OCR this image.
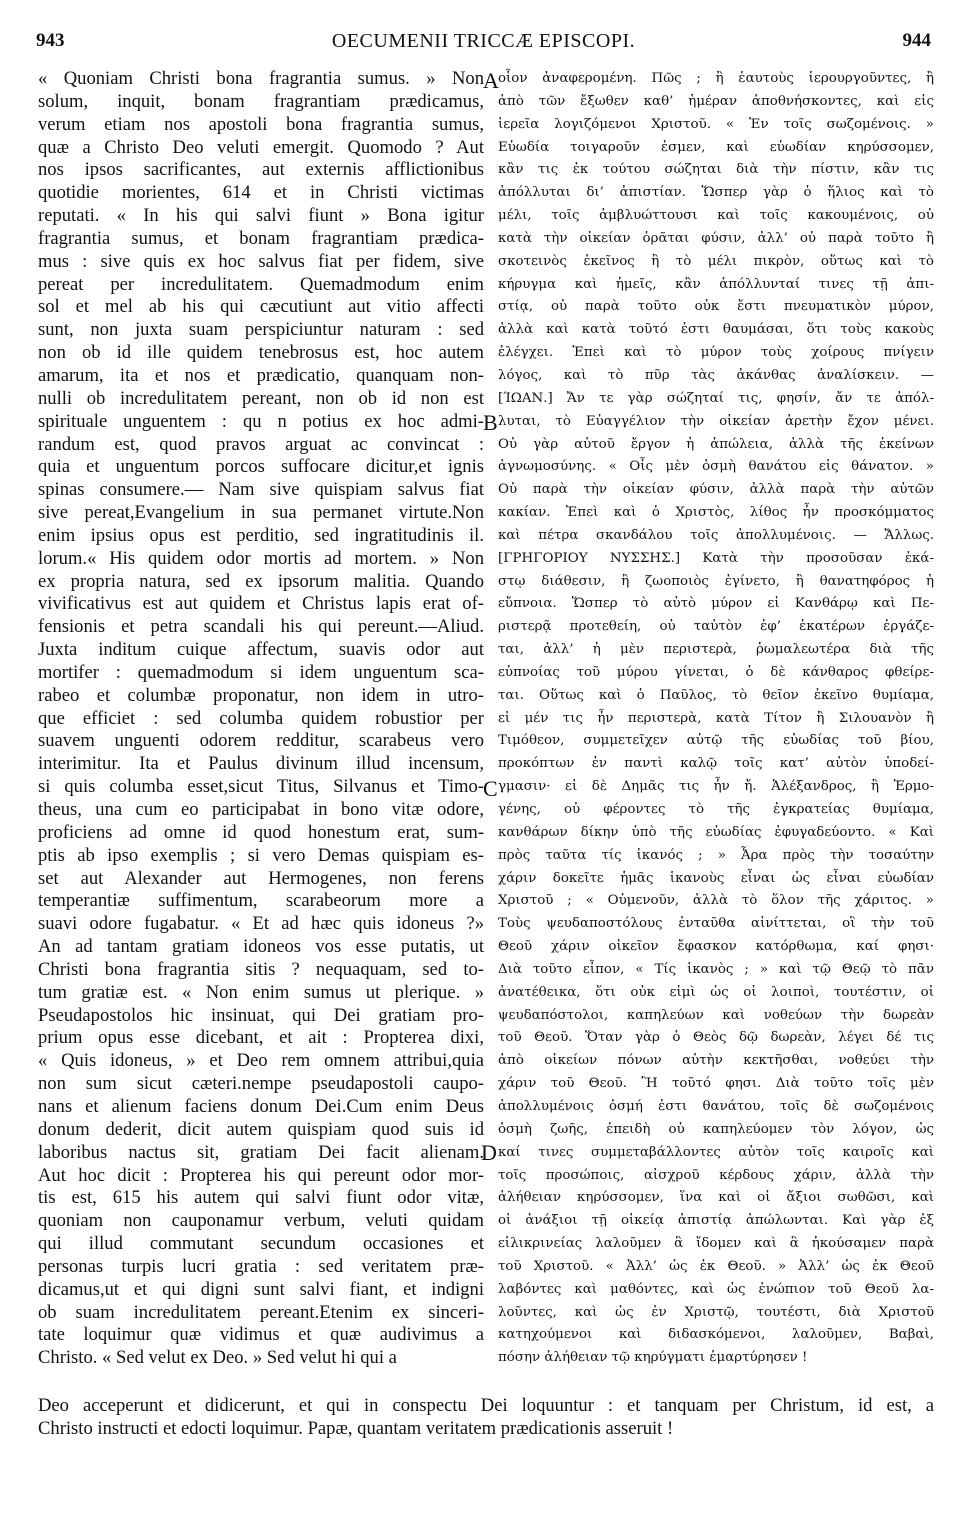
943	OECUMENII TRICCÆ EPISCOPI.	944
« Quoniam Christi bona fragrantia sumus. » Non
solum, inquit, bonam fragrantiam prædicamus,
verum etiam nos apostoli bona fragrantia sumus,
quæ a Christo Deo veluti emergit. Quomodo ? Aut
nos ipsos sacrificantes, aut externis afflictionibus
quotidie morientes, 614 et in Christi victimas
reputati. « In his qui salvi fiunt » Bona igitur
fragrantia sumus, et bonam fragrantiam prædica-
mus : sive quis ex hoc salvus fiat per fidem, sive
pereat per incredulitatem. Quemadmodum enim
sol et mel ab his qui cæcutiunt aut vitio affecti
sunt, non juxta suam perspiciuntur naturam : sed
non ob id ille quidem tenebrosus est, hoc autem
amarum, ita et nos et prædicatio, quanquam non-
nulli ob incredulitatem pereant, non ob id non est
spirituale unguentem : qu n potius ex hoc admi-
randum est, quod pravos arguat ac convincat :
quia et unguentum porcos suffocare dicitur,et ignis
spinas consumere.— Nam sive quispiam salvus fiat
sive pereat,Evangelium in sua permanet virtute.Non
enim ipsius opus est perditio, sed ingratitudinis il.
lorum.« His quidem odor mortis ad mortem. » Non
ex propria natura, sed ex ipsorum malitia. Quando
vivificativus est aut quidem et Christus lapis erat of-
fensionis et petra scandali his qui pereunt.—Aliud.
Juxta inditum cuique affectum, suavis odor aut
mortifer : quemadmodum si idem unguentum sca-
rabeo et columbæ proponatur, non idem in utro-
que efficiet : sed columba quidem robustior per
suavem unguenti odorem redditur, scarabeus vero
interimitur. Ita et Paulus divinum illud incensum,
si quis columba esset,sicut Titus, Silvanus et Timo-
theus, una cum eo participabat in bono vitæ odore,
proficiens ad omne id quod honestum erat, sum-
ptis ab ipso exemplis ; si vero Demas quispiam es-
set aut Alexander aut Hermogenes, non ferens
temperantiæ suffimentum, scarabeorum more a
suavi odore fugabatur. « Et ad hæc quis idoneus ?»
An ad tantam gratiam idoneos vos esse putatis, ut
Christi bona fragrantia sitis ? nequaquam, sed to-
tum gratiæ est. « Non enim sumus ut plerique. »
Pseudapostolos hic insinuat, qui Dei gratiam pro-
prium opus esse dicebant, et ait : Propterea dixi,
« Quis idoneus, » et Deo rem omnem attribui,quia
non sum sicut cæteri.nempe pseudapostoli caupo-
nans et alienum faciens donum Dei.Cum enim Deus
donum dederit, dicit autem quispiam quod suis id
laboribus nactus sit, gratiam Dei facit alienam.
Aut hoc dicit : Propterea his qui pereunt odor mor-
tis est, 615 his autem qui salvi fiunt odor vitæ,
quoniam non cauponamur verbum, veluti quidam
qui illud commutant secundum occasiones et
personas turpis lucri gratia : sed veritatem præ-
dicamus,ut et qui digni sunt salvi fiant, et indigni
ob suam incredulitatem pereant.Etenim ex sinceri-
tate loquimur quæ vidimus et quæ audivimus a
Christo. « Sed velut ex Deo. » Sed velut hi qui a
οἷον ἀναφερομένη. Πῶς ; ἢ ἑαυτοὺς ἱερουργοῦντες, ἢ
ἀπὸ τῶν ἔξωθεν καθ’ ἡμέραν ἀποθνήσκοντες, καὶ εἰς
ἱερεῖα λογιζόμενοι Χριστοῦ. « Ἐν τοῖς σωζομένοις. »
Εὐωδία τοιγαροῦν ἐσμεν, καὶ εὐωδίαν κηρύσσομεν,
κἂν τις ἐκ τούτου σώζηται διὰ τὴν πίστιν, κἂν τις
ἀπόλλυται δι’ ἀπιστίαν. Ὥσπερ γὰρ ὁ ἥλιος καὶ τὸ
μέλι, τοῖς ἀμβλυώττουσι καὶ τοῖς κακουμένοις, οὐ
κατὰ τὴν οἰκείαν ὁρᾶται φύσιν, ἀλλ’ οὐ παρὰ τοῦτο ἢ
σκοτεινὸς ἐκεῖνος ἢ τὸ μέλι πικρὸν, οὕτως καὶ τὸ
κήρυγμα καὶ ἡμεῖς, κἂν ἀπόλλυνταί τινες τῇ ἀπι-
στίᾳ, οὐ παρὰ τοῦτο οὐκ ἔστι πνευματικὸν μύρον,
ἀλλὰ καὶ κατὰ τοῦτό ἐστι θαυμάσαι, ὅτι τοὺς κακοὺς
ἐλέγχει. Ἐπεὶ καὶ τὸ μύρον τοὺς χοίρους πνίγειν
λόγος, καὶ τὸ πῦρ τὰς ἀκάνθας ἀναλίσκειν. —
[ΊΩΑΝ.] Ἄν τε γὰρ σώζηταί τις, φησίν, ἄν τε ἀπόλ-
λυται, τὸ Εὐαγγέλιον τὴν οἰκείαν ἀρετὴν ἔχον μένει.
Οὐ γὰρ αὐτοῦ ἔργον ἡ ἀπώλεια, ἀλλὰ τῆς ἐκείνων
ἀγνωμοσύνης. « Οἷς μὲν ὀσμὴ θανάτου εἰς θάνατον. »
Οὐ παρὰ τὴν οἰκείαν φύσιν, ἀλλὰ παρὰ τὴν αὐτῶν
κακίαν. Ἐπεὶ καὶ ὁ Χριστὸς, λίθος ἦν προσκόμματος
καὶ πέτρα σκανδάλου τοῖς ἀπολλυμένοις. — Ἄλλως.
[ΓΡΗΓΟΡΙΟΥ ΝΥΣΣΗΣ.] Κατὰ τὴν προσοῦσαν ἑκά-
στῳ διάθεσιν, ἢ ζωοποιὸς ἐγίνετο, ἢ θανατηφόρος ἡ
εὔπνοια. Ὥσπερ τὸ αὐτὸ μύρον εἰ Κανθάρῳ καὶ Πε-
ριστερᾷ προτεθείη, οὐ ταὐτὸν ἐφ’ ἑκατέρων ἐργάζε-
ται, ἀλλ’ ἡ μὲν περιστερὰ, ῥωμαλεωτέρα διὰ τῆς
εὐπνοίας τοῦ μύρου γίνεται, ὁ δὲ κάνθαρος φθείρε-
ται. Οὕτως καὶ ὁ Παῦλος, τὸ θεῖον ἐκεῖνο θυμίαμα,
εἰ μέν τις ἦν περιστερὰ, κατὰ Τίτον ἢ Σιλουανὸν ἢ
Τιμόθεον, συμμετεῖχεν αὐτῷ τῆς εὐωδίας τοῦ βίου,
προκόπτων ἐν παντὶ καλῷ τοῖς κατ’ αὐτὸν ὑποδεί-
γμασιν· εἰ δὲ Δημᾶς τις ἦν ἤ. Ἀλέξανδρος, ἢ Ἑρμο-
γένης, οὐ φέροντες τὸ τῆς ἐγκρατείας θυμίαμα,
κανθάρων δίκην ὑπὸ τῆς εὐωδίας ἐφυγαδεύοντο. « Καὶ
πρὸς ταῦτα τίς ἱκανός ; » Ἆρα πρὸς τὴν τοσαύτην
χάριν δοκεῖτε ἡμᾶς ἱκανοὺς εἶναι ὡς εἶναι εὐωδίαν
Χριστοῦ ; « Οὐμενοῦν, ἀλλὰ τὸ ὅλον τῆς χάριτος. »
Τοὺς ψευδαποστόλους ἐνταῦθα αἰνίττεται, οἳ τὴν τοῦ
Θεοῦ χάριν οἰκεῖον ἔφασκον κατόρθωμα, καί φησι·
Διὰ τοῦτο εἶπον, « Τίς ἱκανὸς ; » καὶ τῷ Θεῷ τὸ πᾶν
ἀνατέθεικα, ὅτι οὐκ εἰμὶ ὡς οἱ λοιποὶ, τουτέστιν, οἱ
ψευδαπόστολοι, καπηλεύων καὶ νοθεύων τὴν δωρεὰν
τοῦ Θεοῦ. Ὅταν γὰρ ὁ Θεὸς δῷ δωρεὰν, λέγει δέ τις
ἀπὸ οἰκείων πόνων αὐτὴν κεκτῆσθαι, νοθεύει τὴν
χάριν τοῦ Θεοῦ. Ἢ τοῦτό φησι. Διὰ τοῦτο τοῖς μὲν
ἀπολλυμένοις ὀσμή ἐστι θανάτου, τοῖς δὲ σωζομένοις
ὀσμὴ ζωῆς, ἐπειδὴ οὐ καπηλεύομεν τὸν λόγον, ὡς
καί τινες συμμεταβάλλοντες αὐτὸν τοῖς καιροῖς καὶ
τοῖς προσώποις, αἰσχροῦ κέρδους χάριν, ἀλλὰ τὴν
ἀλήθειαν κηρύσσομεν, ἵνα καὶ οἱ ἄξιοι σωθῶσι, καὶ
οἱ ἀνάξιοι τῇ οἰκείᾳ ἀπιστίᾳ ἀπώλωνται. Καὶ γὰρ ἐξ
εἰλικρινείας λαλοῦμεν ἃ ἴδομεν καὶ ἃ ἠκούσαμεν παρὰ
τοῦ Χριστοῦ. « Ἀλλ’ ὡς ἐκ Θεοῦ. » Ἀλλ’ ὡς ἐκ Θεοῦ
λαβόντες καὶ μαθόντες, καὶ ὡς ἐνώπιον τοῦ Θεοῦ λα-
λοῦντες, καὶ ὡς ἐν Χριστῷ, τουτέστι, διὰ Χριστοῦ
κατηχούμενοι καὶ διδασκόμενοι, λαλοῦμεν, Βαβαὶ,
πόσην ἀλήθειαν τῷ κηρύγματι ἐμαρτύρησεν !
A
B
C
D
Deo acceperunt et didicerunt, et qui in conspectu Dei loquuntur : et tanquam per Christum, id est, a
Christo instructi et edocti loquimur. Papæ, quantam veritatem prædicationis asseruit !
